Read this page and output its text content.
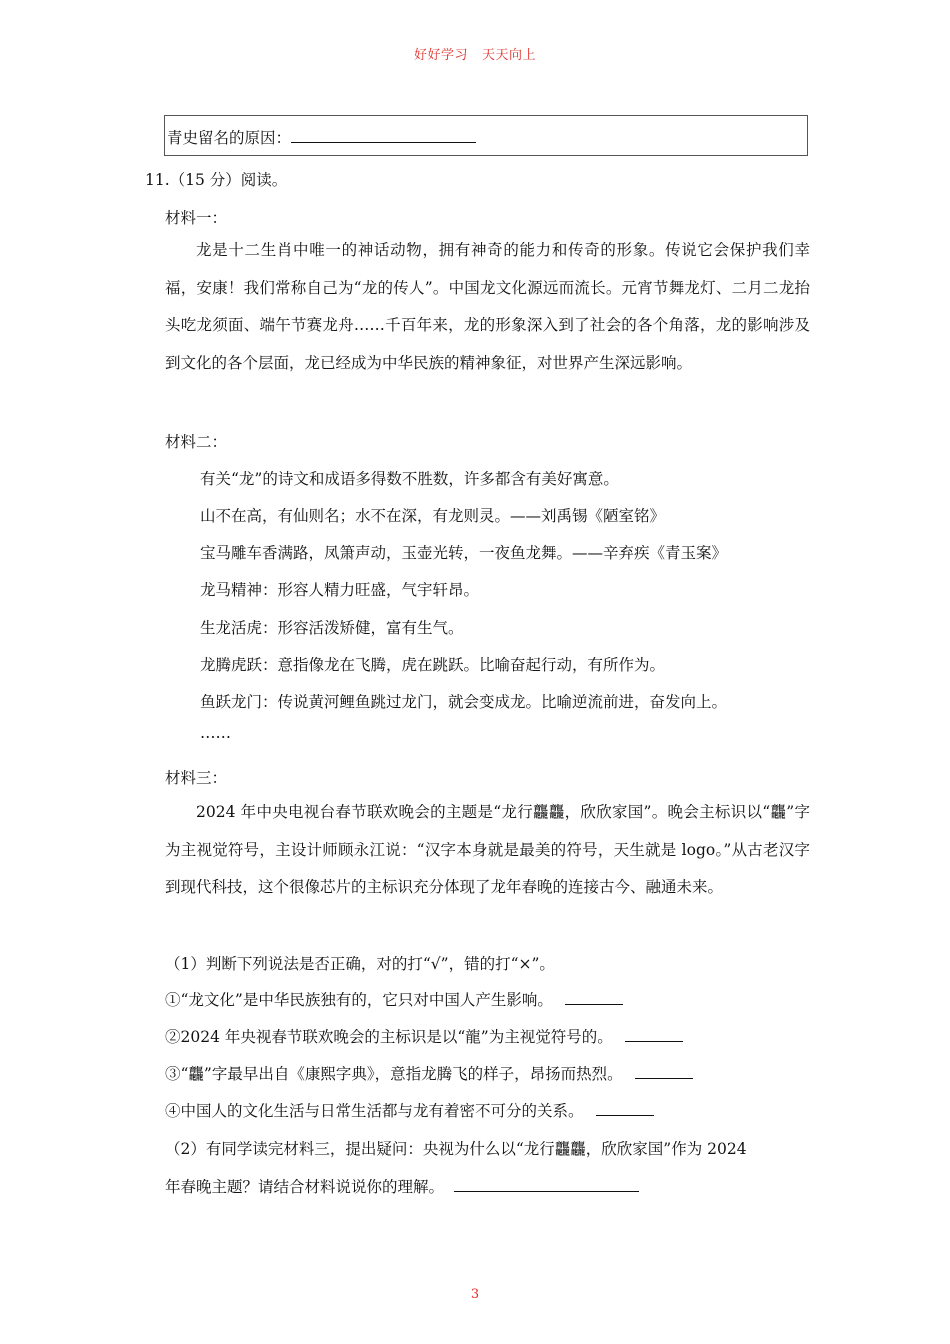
好好学习 天天向上
青史留名的原因：
11.（15 分）阅读。
材料一：
龙是十二生肖中唯一的神话动物，拥有神奇的能力和传奇的形象。传说它会保护我们幸福，安康！我们常称自己为“龙的传人”。中国龙文化源远而流长。元宵节舞龙灯、二月二龙抬头吃龙须面、端午节赛龙舟……千百年来，龙的形象深入到了社会的各个角落，龙的影响涉及到文化的各个层面，龙已经成为中华民族的精神象征，对世界产生深远影响。
材料二：
有关“龙”的诗文和成语多得数不胜数，许多都含有美好寓意。
山不在高，有仙则名；水不在深，有龙则灵。——刘禹锡《陋室铭》
宝马雕车香满路，凤箫声动，玉壶光转，一夜鱼龙舞。——辛弃疾《青玉案》
龙马精神：形容人精力旺盛，气宇轩昂。
生龙活虎：形容活泼矫健，富有生气。
龙腾虎跃：意指像龙在飞腾，虎在跳跃。比喻奋起行动，有所作为。
鱼跃龙门：传说黄河鲤鱼跳过龙门，就会变成龙。比喻逆流前进，奋发向上。
……
材料三：
2024 年中央电视台春节联欢晚会的主题是“龙行龘龘，欣欣家国”。晚会主标识以“龘”字为主视觉符号，主设计师顾永江说：“汉字本身就是最美的符号，天生就是 logo。”从古老汉字到现代科技，这个很像芯片的主标识充分体现了龙年春晚的连接古今、融通未来。
（1）判断下列说法是否正确，对的打“√”，错的打“×”。
①“龙文化”是中华民族独有的，它只对中国人产生影响。
②2024 年央视春节联欢晚会的主标识是以“龍”为主视觉符号的。
③“龘”字最早出自《康熙字典》，意指龙腾飞的样子，昂扬而热烈。
④中国人的文化生活与日常生活都与龙有着密不可分的关系。
（2）有同学读完材料三，提出疑问：央视为什么以“龙行龘龘，欣欣家国”作为 2024
年春晚主题？请结合材料说说你的理解。
3
